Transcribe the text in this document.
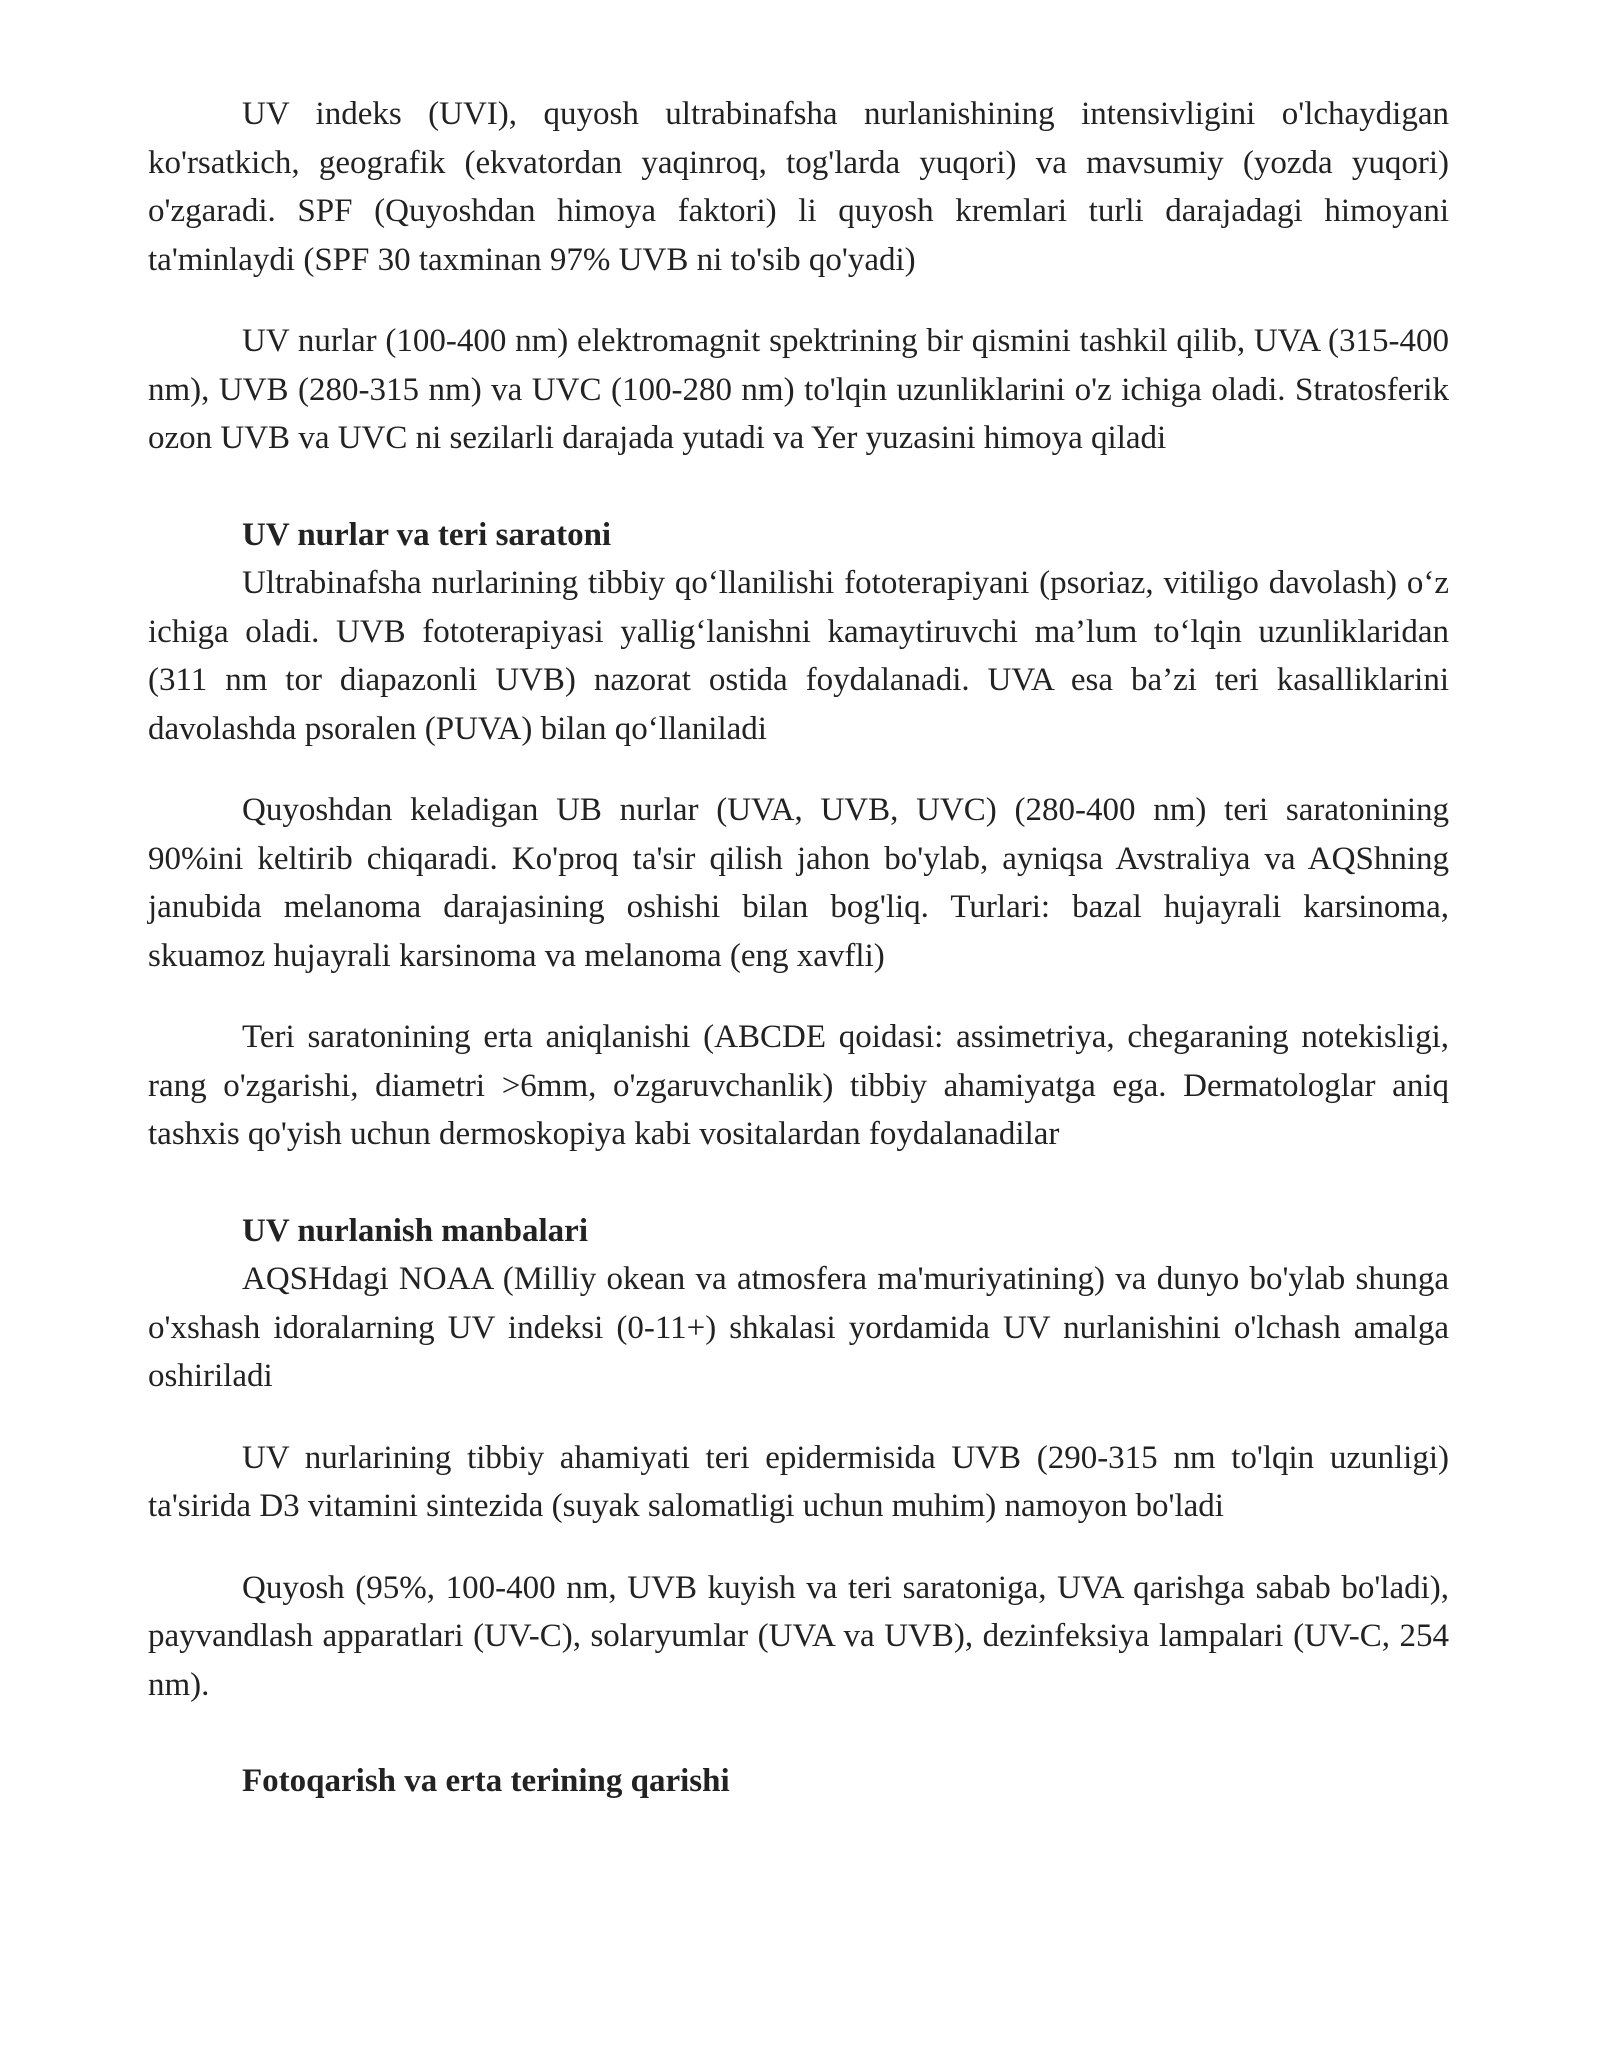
UV indeks (UVI), quyosh ultrabinafsha nurlanishining intensivligini o'lchaydigan ko'rsatkich, geografik (ekvatordan yaqinroq, tog'larda yuqori) va mavsumiy (yozda yuqori) o'zgaradi. SPF (Quyoshdan himoya faktori) li quyosh kremlari turli darajadagi himoyani ta'minlaydi (SPF 30 taxminan 97% UVB ni to'sib qo'yadi)

UV nurlar (100-400 nm) elektromagnit spektrining bir qismini tashkil qilib, UVA (315-400 nm), UVB (280-315 nm) va UVC (100-280 nm) to'lqin uzunliklarini o'z ichiga oladi. Stratosferik ozon UVB va UVC ni sezilarli darajada yutadi va Yer yuzasini himoya qiladi

UV nurlar va teri saratoni

Ultrabinafsha nurlarining tibbiy qo‘llanilishi fototerapiyani (psoriaz, vitiligo davolash) o‘z ichiga oladi. UVB fototerapiyasi yallig‘lanishni kamaytiruvchi ma’lum to‘lqin uzunliklaridan (311 nm tor diapazonli UVB) nazorat ostida foydalanadi. UVA esa ba’zi teri kasalliklarini davolashda psoralen (PUVA) bilan qo‘llaniladi

Quyoshdan keladigan UB nurlar (UVA, UVB, UVC) (280-400 nm) teri saratonining 90%ini keltirib chiqaradi. Ko'proq ta'sir qilish jahon bo'ylab, ayniqsa Avstraliya va AQShning janubida melanoma darajasining oshishi bilan bog'liq. Turlari: bazal hujayrali karsinoma, skuamoz hujayrali karsinoma va melanoma (eng xavfli)

Teri saratonining erta aniqlanishi (ABCDE qoidasi: assimetriya, chegaraning notekisligi, rang o'zgarishi, diametri >6mm, o'zgaruvchanlik) tibbiy ahamiyatga ega. Dermatologlar aniq tashxis qo'yish uchun dermoskopiya kabi vositalardan foydalanadilar

UV nurlanish manbalari

AQSHdagi NOAA (Milliy okean va atmosfera ma'muriyatining) va dunyo bo'ylab shunga o'xshash idoralarning UV indeksi (0-11+) shkalasi yordamida UV nurlanishini o'lchash amalga oshiriladi

UV nurlarining tibbiy ahamiyati teri epidermisida UVB (290-315 nm to'lqin uzunligi) ta'sirida D3 vitamini sintezida (suyak salomatligi uchun muhim) namoyon bo'ladi

Quyosh (95%, 100-400 nm, UVB kuyish va teri saratoniga, UVA qarishga sabab bo'ladi), payvandlash apparatlari (UV-C), solaryumlar (UVA va UVB), dezinfeksiya lampalari (UV-C, 254 nm).

Fotoqarish va erta terining qarishi
